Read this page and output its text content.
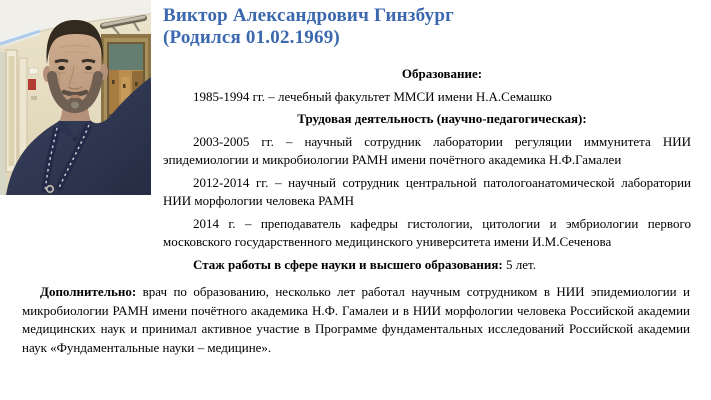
Виктор Александрович Гинзбург
(Родился 01.02.1969)

Образование:

1985-1994 гг. – лечебный факультет ММСИ имени Н.А.Семашко

Трудовая деятельность (научно-педагогическая):

2003-2005 гг. – научный сотрудник лаборатории регуляции иммунитета НИИ эпидемиологии и микробиологии РАМН имени почётного академика Н.Ф.Гамалеи

2012-2014 гг. – научный сотрудник центральной патологоанатомической лаборатории НИИ морфологии человека РАМН

2014 г. – преподаватель кафедры гистологии, цитологии и эмбриологии первого московского государственного медицинского университета имени И.М.Сеченова

Стаж работы в сфере науки и высшего образования: 5 лет.

Дополнительно: врач по образованию, несколько лет работал научным сотрудником в НИИ эпидемиологии и микробиологии РАМН имени почётного академика Н.Ф. Гамалеи и в НИИ морфологии человека Российской академии медицинских наук и принимал активное участие в Программе фундаментальных исследований Российской академии наук «Фундаментальные науки – медицине».
